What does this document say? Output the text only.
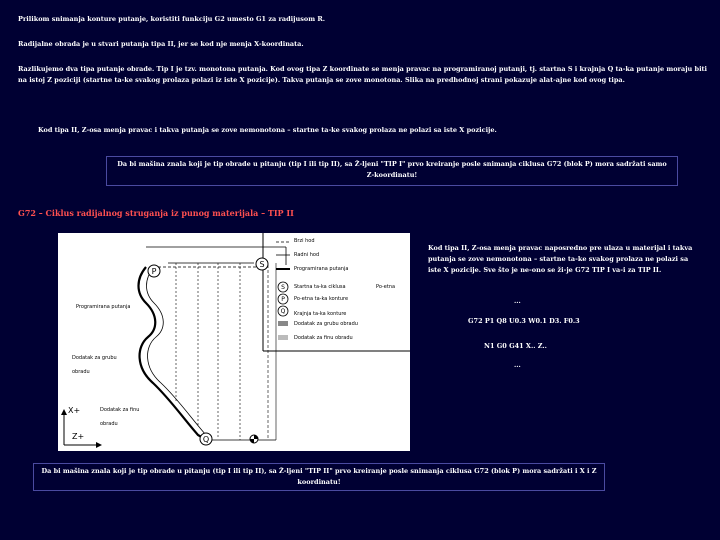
Prilikom snimanja konture putanje, koristiti funkciju G2 umesto G1 za radijusom R.
Radijalne obrada je u stvari putanja tipa II, jer se kod nje menja X-koordinata.
Razlikujemo dva tipa putanje obrade. Tip I je tzv. monotona putanja. Kod ovog tipa Z koordinate se menja pravac na programiranoj putanji, tj. startna S i krajnja Q ta-ka putanje moraju biti na istoj Z poziciji (startne ta-ke svakog prolaza polazi iz iste X pozicije). Takva putanja se zove monotona. Slika na predhodnoj strani pokazuje alat-ajne kod ovog tipa.
Kod tipa II, Z-osa menja pravac i takva putanja se zove nemonotona – startne ta-ke svakog prolaza ne polazi sa iste X pozicije.
Da bi mašina znala koji je tip obrade u pitanju (tip I ili tip II), sa Ž-ljeni "TIP I" prvo kreiranje posle snimanja ciklusa G72 (blok P) mora sadržati samo Z-koordinatu!
G72 – Ciklus radijalnog struganja iz punog materijala – TIP II
S
P
Q
P
S
Q
X+
Z+
Brzi hod
Radni hod
Programirana putanja
Startna ta-ka ciklusa	Po-etna
Po-etna ta-ka konture
Krajnja ta-ka konture
Dodatak za grubu obradu
Dodatak za finu obradu
Programirana putanja
Dodatak za grubu
obradu
Dodatak za finu
obradu
Kod tipa II, Z-osa menja pravac naposredno pre ulaza u materijal i takva putanja se zove nemonotona – startne ta-ke svakog prolaza ne polazi sa iste X pozicije. Sve što je ne-ono se ži-je G72 TIP I va-i za TIP II.
...
G72 P1 Q8 U0.3 W0.1 D3. F0.3
N1 G0 G41 X.. Z..
...
Da bi mašina znala koji je tip obrade u pitanju (tip I ili tip II), sa Ž-ljeni "TIP II" prvo kreiranje posle snimanja ciklusa G72 (blok P) mora sadržati i X i Z koordinatu!
